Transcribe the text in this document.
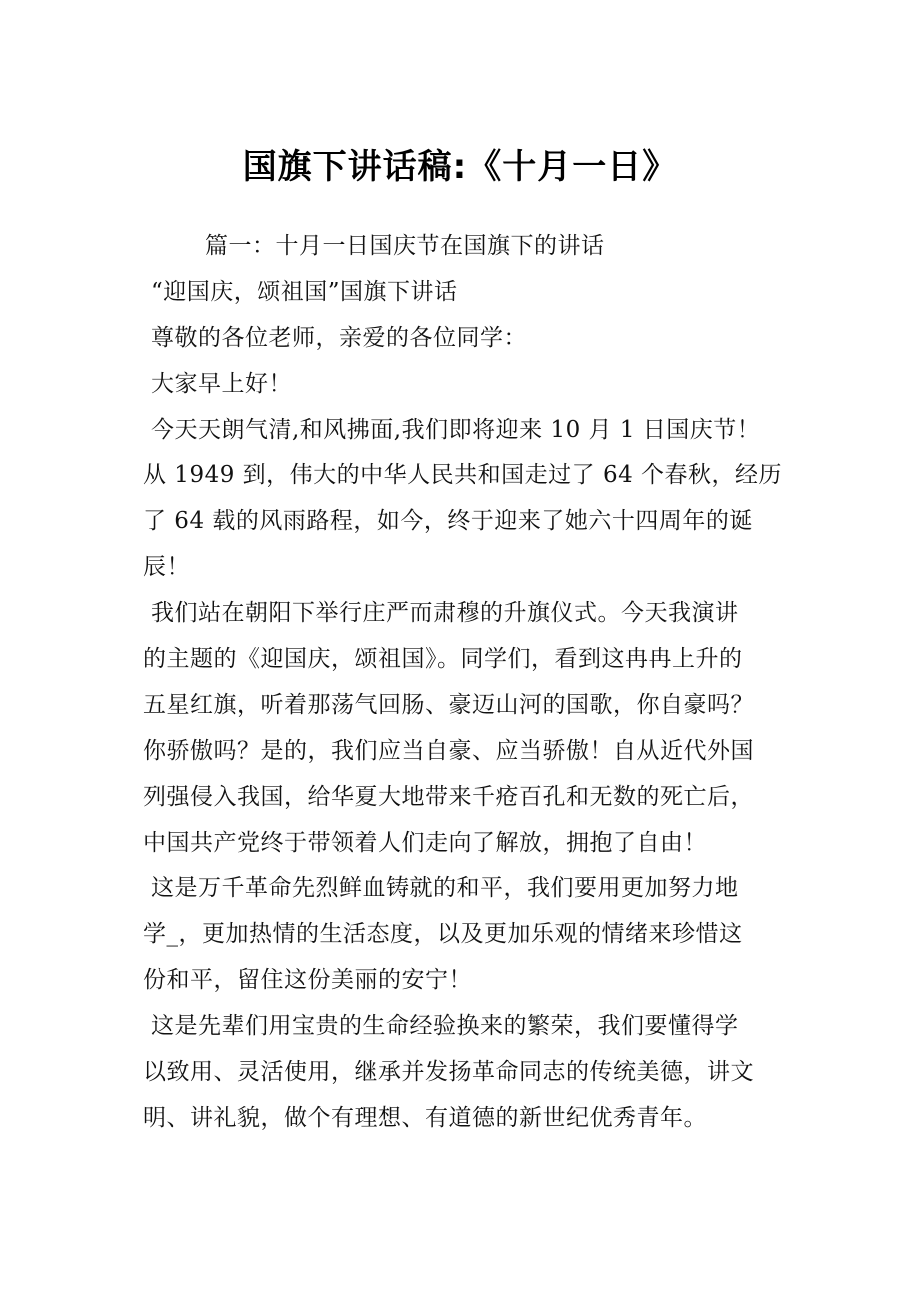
国旗下讲话稿:《十月一日》
篇一：十月一日国庆节在国旗下的讲话
“迎国庆，颂祖国”国旗下讲话
尊敬的各位老师，亲爱的各位同学：
大家早上好！
今天天朗气清,和风拂面,我们即将迎来 10 月 1 日国庆节！
从 1949 到，伟大的中华人民共和国走过了 64 个春秋，经历
了 64 载的风雨路程，如今，终于迎来了她六十四周年的诞
辰！
我们站在朝阳下举行庄严而肃穆的升旗仪式。今天我演讲
的主题的《迎国庆，颂祖国》。同学们，看到这冉冉上升的
五星红旗，听着那荡气回肠、豪迈山河的国歌，你自豪吗？
你骄傲吗？是的，我们应当自豪、应当骄傲！自从近代外国
列强侵入我国，给华夏大地带来千疮百孔和无数的死亡后，
中国共产党终于带领着人们走向了解放，拥抱了自由！
这是万千革命先烈鲜血铸就的和平，我们要用更加努力地
学_，更加热情的生活态度，以及更加乐观的情绪来珍惜这
份和平，留住这份美丽的安宁！
这是先辈们用宝贵的生命经验换来的繁荣，我们要懂得学
以致用、灵活使用，继承并发扬革命同志的传统美德，讲文
明、讲礼貌，做个有理想、有道德的新世纪优秀青年。
